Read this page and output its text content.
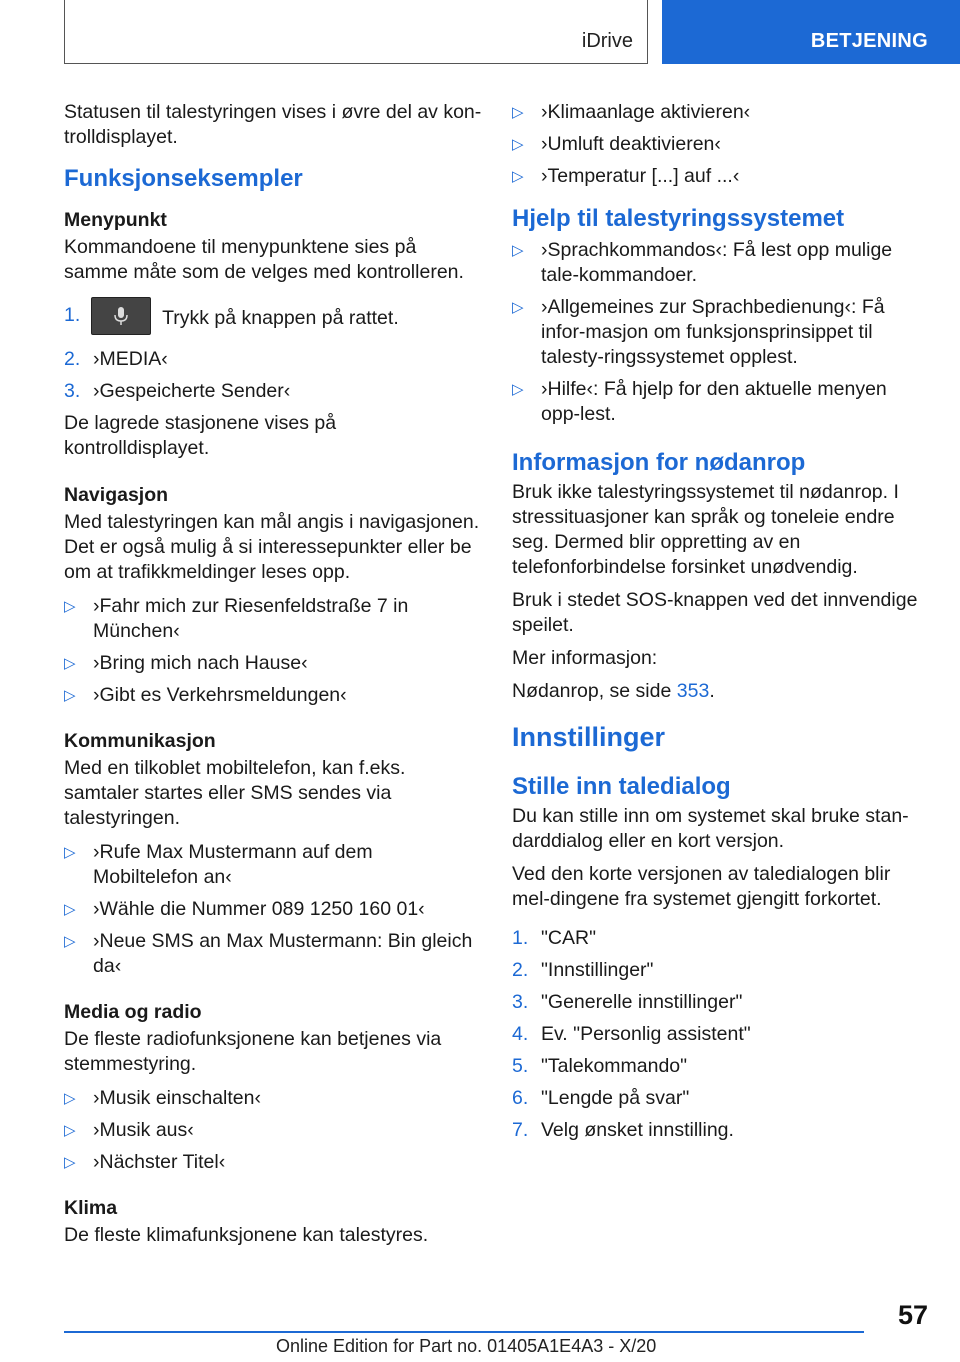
iDrive	BETJENING

Statusen til talestyringen vises i øvre del av kon-trolldisplayet.

Funksjonseksempler
Menypunkt

Kommandoene til menypunktene sies på samme måte som de velges med kontrolleren.

1.	Trykk på knappen på rattet.
2. ›MEDIA‹
3. ›Gespeicherte Sender‹

De lagrede stasjonene vises på kontrolldisplayet.

Navigasjon

Med talestyringen kan mål angis i navigasjonen. Det er også mulig å si interessepunkter eller be om at trafikkmeldinger leses opp.

▷ ›Fahr mich zur Riesenfeldstraße 7 in München‹
▷ ›Bring mich nach Hause‹
▷ ›Gibt es Verkehrsmeldungen‹
Kommunikasjon

Med en tilkoblet mobiltelefon, kan f.eks. samtaler startes eller SMS sendes via talestyringen.

▷ ›Rufe Max Mustermann auf dem Mobiltelefon an‹
▷ ›Wähle die Nummer 089 1250 160 01‹
▷ ›Neue SMS an Max Mustermann: Bin gleich da‹
Media og radio

De fleste radiofunksjonene kan betjenes via stemmestyring.

▷ ›Musik einschalten‹
▷ ›Musik aus‹
▷ ›Nächster Titel‹
Klima

De fleste klimafunksjonene kan talestyres.

▷ ›Klimaanlage aktivieren‹
▷ ›Umluft deaktivieren‹
▷ ›Temperatur [...] auf ...‹
Hjelp til talestyringssystemet
▷ ›Sprachkommandos‹: Få lest opp mulige tale-kommandoer.
▷ ›Allgemeines zur Sprachbedienung‹: Få infor-masjon om funksjonsprinsippet til talesty-ringssystemet opplest.
▷ ›Hilfe‹: Få hjelp for den aktuelle menyen opp-lest.
Informasjon for nødanrop

Bruk ikke talestyringssystemet til nødanrop. I stressituasjoner kan språk og toneleie endre seg. Dermed blir oppretting av en telefonforbindelse forsinket unødvendig.

Bruk i stedet SOS-knappen ved det innvendige speilet.

Mer informasjon:

Nødanrop, se side 353.

Innstillinger
Stille inn taledialog

Du kan stille inn om systemet skal bruke stan-darddialog eller en kort versjon.

Ved den korte versjonen av taledialogen blir mel-dingene fra systemet gjengitt forkortet.

1. "CAR"
2. "Innstillinger"
3. "Generelle innstillinger"
4. Ev. "Personlig assistent"
5. "Talekommando"
6. "Lengde på svar"
7. Velg ønsket innstilling.
57
Online Edition for Part no. 01405A1E4A3 - X/20
